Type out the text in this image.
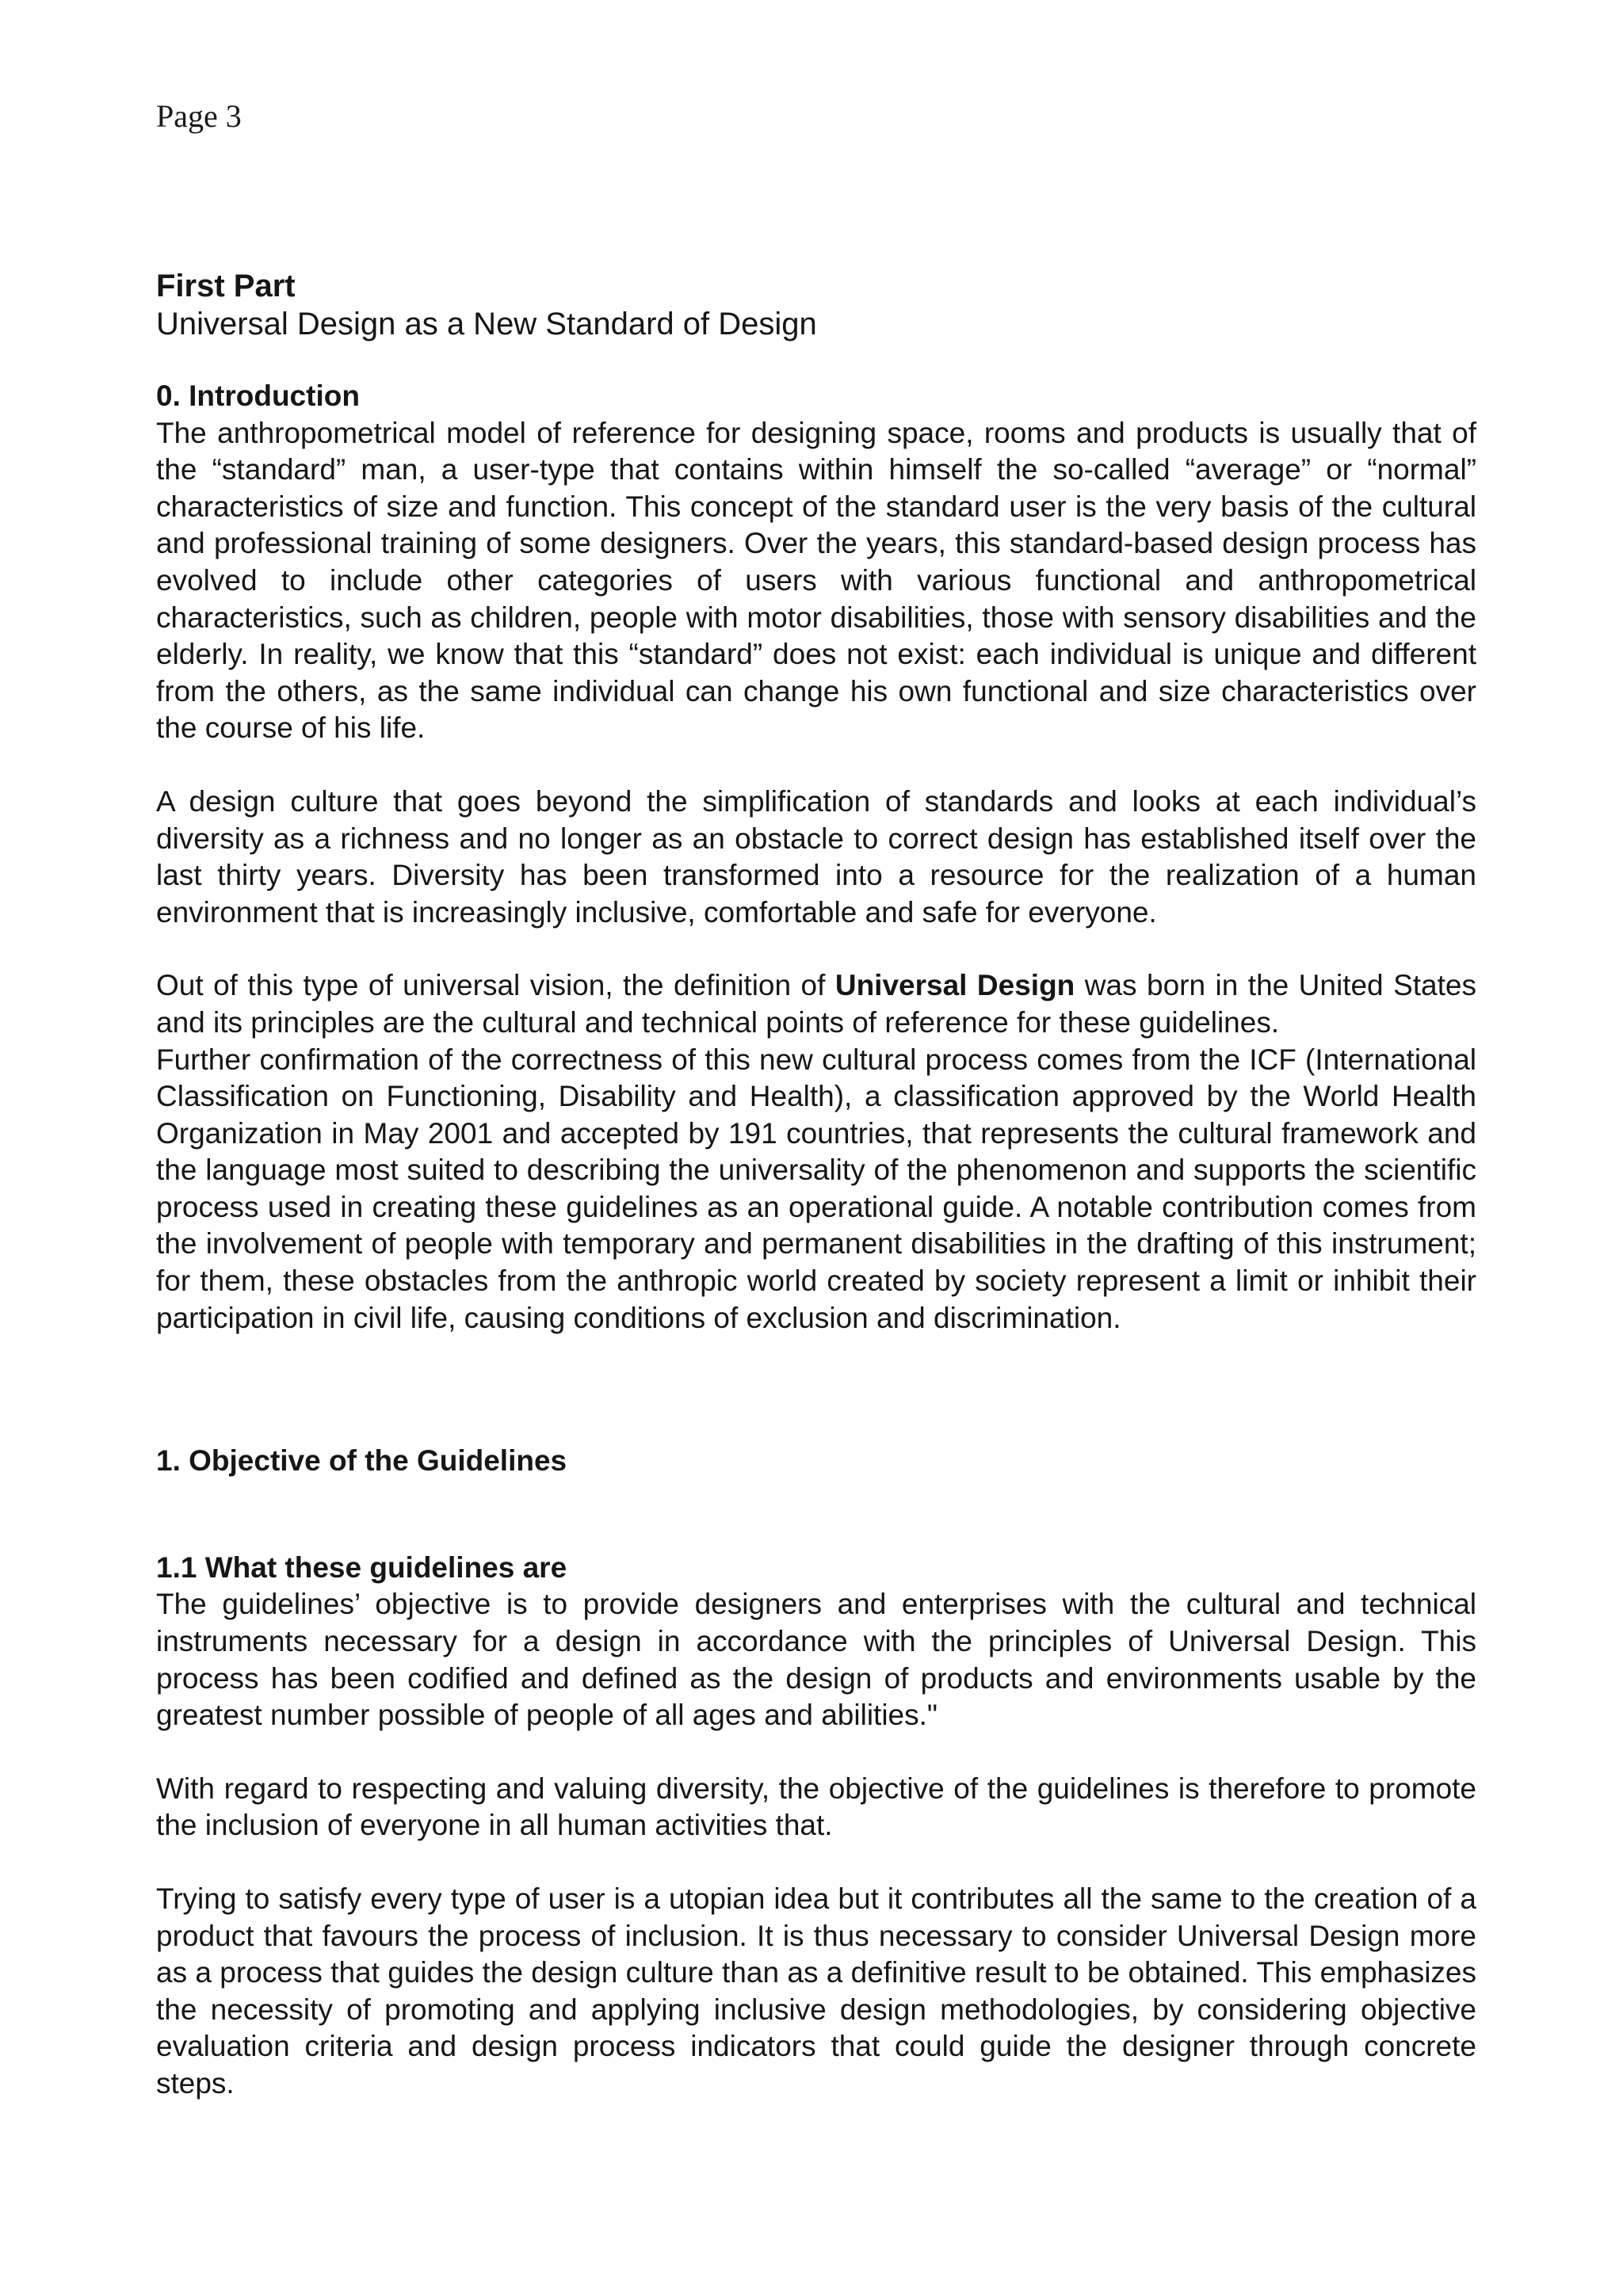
Page 3
First Part
Universal Design as a New Standard of Design
0. Introduction

The anthropometrical model of reference for designing space, rooms and products is usually that of the “standard” man, a user-type that contains within himself the so-called “average” or “normal” characteristics of size and function. This concept of the standard user is the very basis of the cultural and professional training of some designers. Over the years, this standard-based design process has evolved to include other categories of users with various functional and anthropometrical characteristics, such as children, people with motor disabilities, those with sensory disabilities and the elderly. In reality, we know that this “standard” does not exist: each individual is unique and different from the others, as the same individual can change his own functional and size characteristics over the course of his life.

A design culture that goes beyond the simplification of standards and looks at each individual’s diversity as a richness and no longer as an obstacle to correct design has established itself over the last thirty years. Diversity has been transformed into a resource for the realization of a human environment that is increasingly inclusive, comfortable and safe for everyone.

Out of this type of universal vision, the definition of Universal Design was born in the United States and its principles are the cultural and technical points of reference for these guidelines.

Further confirmation of the correctness of this new cultural process comes from the ICF (International Classification on Functioning, Disability and Health), a classification approved by the World Health Organization in May 2001 and accepted by 191 countries, that represents the cultural framework and the language most suited to describing the universality of the phenomenon and supports the scientific process used in creating these guidelines as an operational guide. A notable contribution comes from the involvement of people with temporary and permanent disabilities in the drafting of this instrument; for them, these obstacles from the anthropic world created by society represent a limit or inhibit their participation in civil life, causing conditions of exclusion and discrimination.

1. Objective of the Guidelines
1.1 What these guidelines are

The guidelines’ objective is to provide designers and enterprises with the cultural and technical instruments necessary for a design in accordance with the principles of Universal Design. This process has been codified and defined as the design of products and environments usable by the greatest number possible of people of all ages and abilities."

With regard to respecting and valuing diversity, the objective of the guidelines is therefore to promote the inclusion of everyone in all human activities that.

Trying to satisfy every type of user is a utopian idea but it contributes all the same to the creation of a product that favours the process of inclusion. It is thus necessary to consider Universal Design more as a process that guides the design culture than as a definitive result to be obtained. This emphasizes the necessity of promoting and applying inclusive design methodologies, by considering objective evaluation criteria and design process indicators that could guide the designer through concrete steps.
